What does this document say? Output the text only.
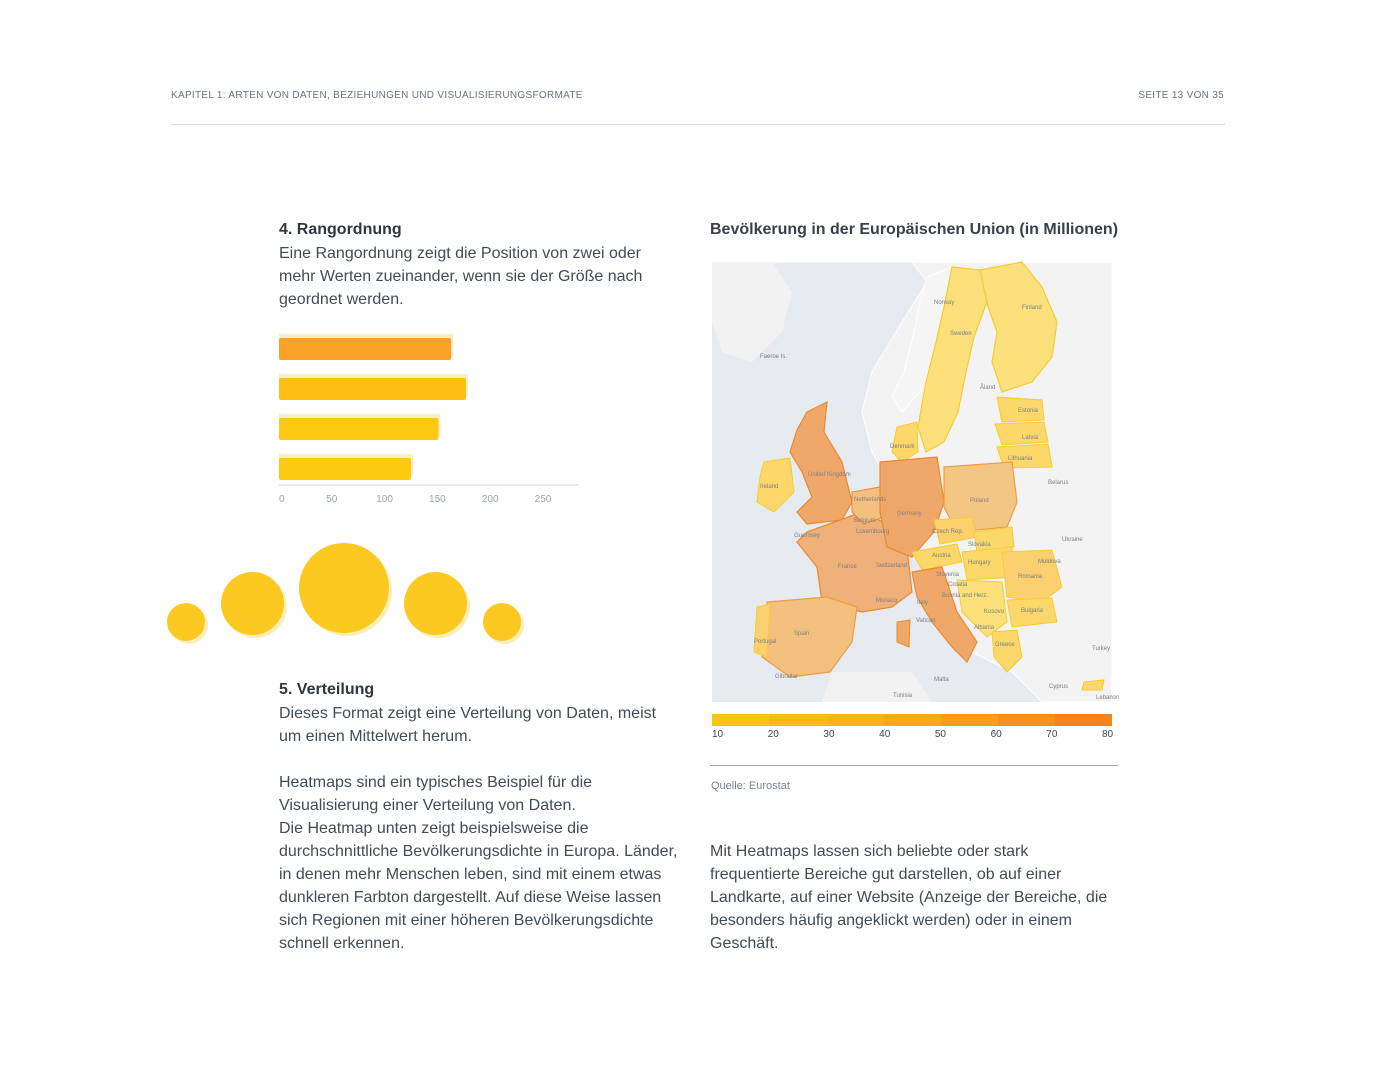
KAPITEL 1: ARTEN VON DATEN, BEZIEHUNGEN UND VISUALISIERUNGSFORMATE	SEITE 13 VON 35
4. Rangordnung

Eine Rangordnung zeigt die Position von zwei oder mehr Werten zueinander, wenn sie der Größe nach geordnet werden.

0	50	100	150	200	250
5. Verteilung

Dieses Format zeigt eine Verteilung von Daten, meist um einen Mittelwert herum.

Heatmaps sind ein typisches Beispiel für die Visualisierung einer Verteilung von Daten.

Die Heatmap unten zeigt beispielsweise die durchschnittliche Bevölkerungsdichte in Europa. Länder, in denen mehr Menschen leben, sind mit einem etwas dunkleren Farbton dargestellt. Auf diese Weise lassen sich Regionen mit einer höheren Bevölkerungsdichte schnell erkennen.

Bevölkerung in der Europäischen Union (in Millionen)
Norway
Finland
Sweden
Faeroe Is.
Åland
Estonia
Latvia
Lithuania
Denmark
United Kingdom
Ireland
Belarus
Netherlands
Germany
Poland
Belgium
Luxembourg	Czech Rep.
Ukraine
Guernsey
Slovakia
Austria
Hungary	Moldova
France	Switzerland
Slovenia	Romania
Croatia
Bosnia and Herz.
Monaco	Italy
Kosovo	Bulgaria
Vatican
Albania
Spain
Portugal	Greece
Turkey
Gibraltar	Malta
Tunisia
Cyprus
Lebanon
10	20	30	40	50	60	70	80
Quelle: Eurostat
Mit Heatmaps lassen sich beliebte oder stark frequentierte Bereiche gut darstellen, ob auf einer Landkarte, auf einer Website (Anzeige der Bereiche, die besonders häufig angeklickt werden) oder in einem Geschäft.
